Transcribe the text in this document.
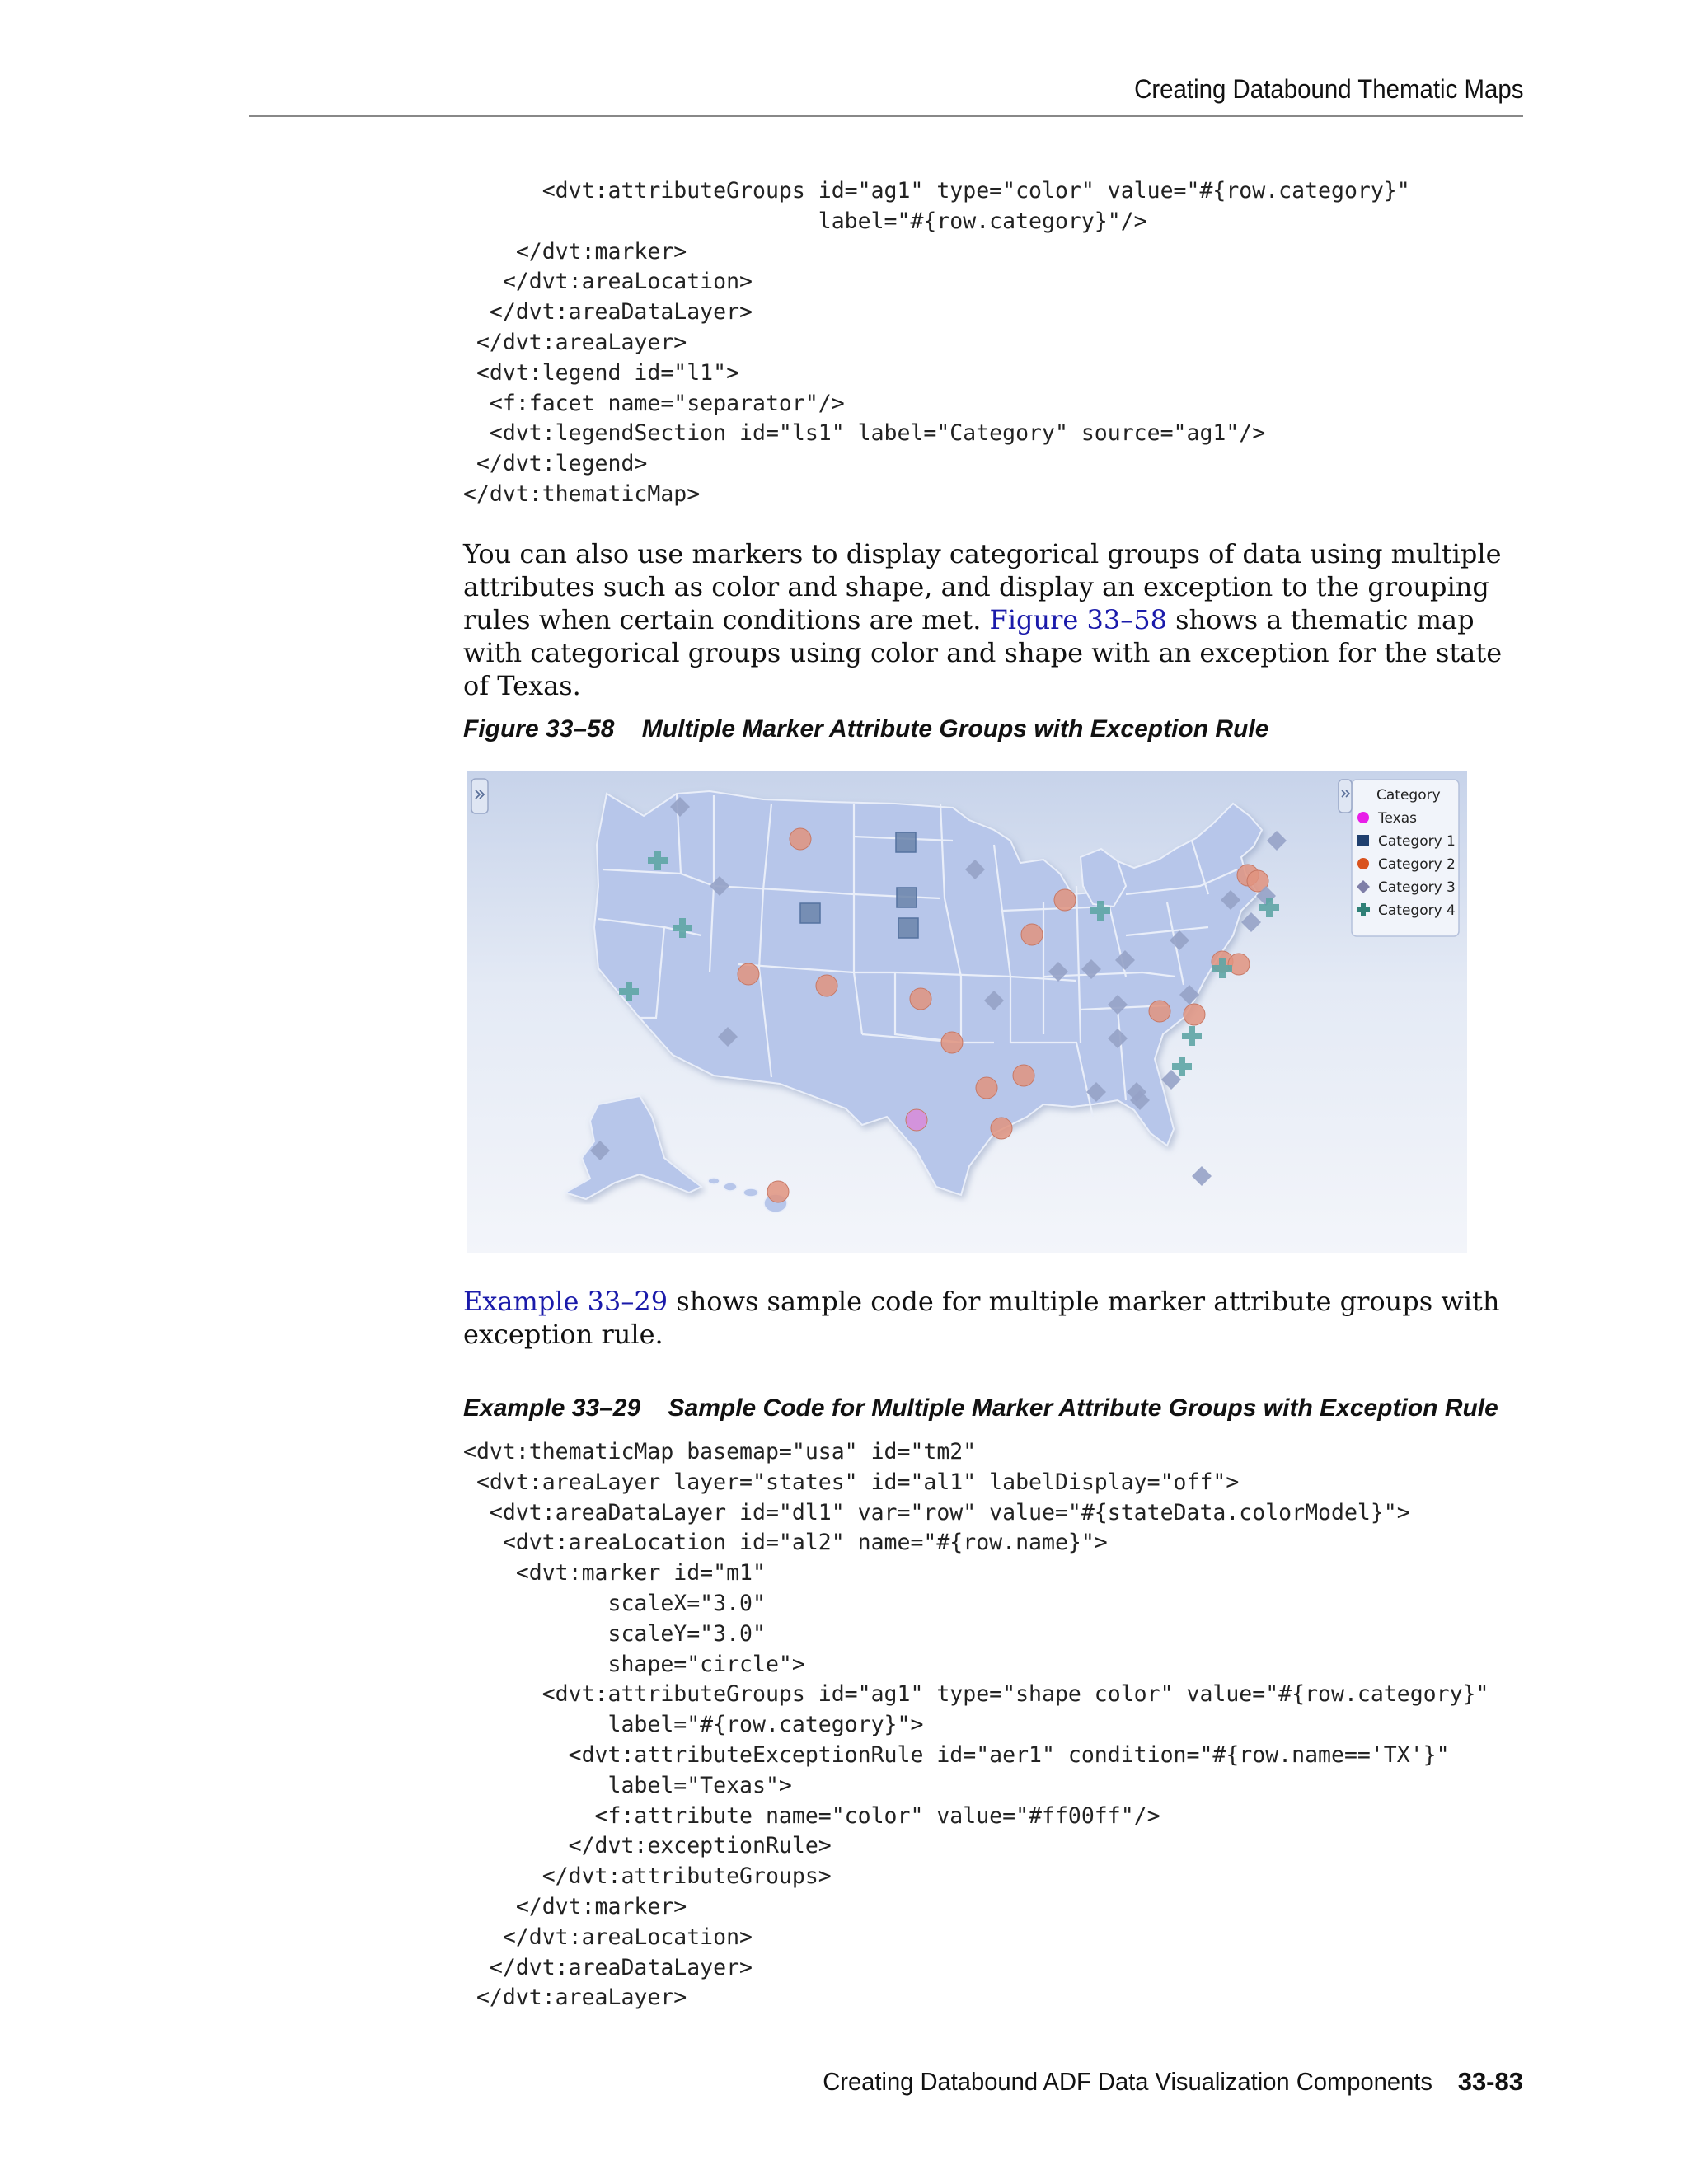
Creating Databound Thematic Maps
<dvt:attributeGroups id="ag1" type="color" value="#{row.category}"
label="#{row.category}"/>
</dvt:marker>
</dvt:areaLocation>
</dvt:areaDataLayer>
</dvt:areaLayer>
<dvt:legend id="l1">
<f:facet name="separator"/>
<dvt:legendSection id="ls1" label="Category" source="ag1"/>
</dvt:legend>
</dvt:thematicMap>

You can also use markers to display categorical groups of data using multiple attributes such as color and shape, and display an exception to the grouping rules when certain conditions are met. Figure 33–58 shows a thematic map with categorical groups using color and shape with an exception for the state of Texas.

Figure 33–58 Multiple Marker Attribute Groups with Exception Rule
Category
Texas
Category 1
Category 2
Category 3
Category 4

Example 33–29 shows sample code for multiple marker attribute groups with exception rule.

Example 33–29 Sample Code for Multiple Marker Attribute Groups with Exception Rule
<dvt:thematicMap basemap="usa" id="tm2"
<dvt:areaLayer layer="states" id="al1" labelDisplay="off">
<dvt:areaDataLayer id="dl1" var="row" value="#{stateData.colorModel}">
<dvt:areaLocation id="al2" name="#{row.name}">
<dvt:marker id="m1"
scaleX="3.0"
scaleY="3.0"
shape="circle">
<dvt:attributeGroups id="ag1" type="shape color" value="#{row.category}"
label="#{row.category}">
<dvt:attributeExceptionRule id="aer1" condition="#{row.name=='TX'}"
label="Texas">
<f:attribute name="color" value="#ff00ff"/>
</dvt:exceptionRule>
</dvt:attributeGroups>
</dvt:marker>
</dvt:areaLocation>
</dvt:areaDataLayer>
</dvt:areaLayer>
Creating Databound ADF Data Visualization Components 33-83
